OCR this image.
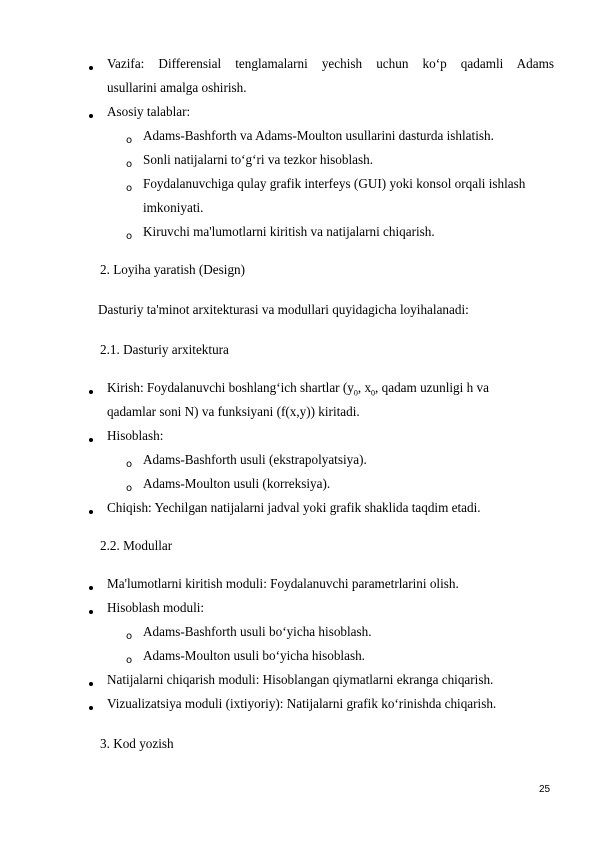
Vazifa: Differensial tenglamalarni yechish uchun ko‘p qadamli Adams
usullarini amalga oshirish.
Asosiy talablar:
o Adams-Bashforth va Adams-Moulton usullarini dasturda ishlatish.
o Sonli natijalarni to‘g‘ri va tezkor hisoblash.
o Foydalanuvchiga qulay grafik interfeys (GUI) yoki konsol orqali ishlash
imkoniyati.
o Kiruvchi ma'lumotlarni kiritish va natijalarni chiqarish.
2. Loyiha yaratish (Design)
Dasturiy ta'minot arxitekturasi va modullari quyidagicha loyihalanadi:
2.1. Dasturiy arxitektura
Kirish: Foydalanuvchi boshlang‘ich shartlar ($y_0$, $x_0$, qadam uzunligi h va
qadamlar soni N) va funksiyani (f(x,y)) kiritadi.
Hisoblash:
o Adams-Bashforth usuli (ekstrapolyatsiya).
o Adams-Moulton usuli (korreksiya).
Chiqish: Yechilgan natijalarni jadval yoki grafik shaklida taqdim etadi.
2.2. Modullar
Ma'lumotlarni kiritish moduli: Foydalanuvchi parametrlarini olish.
Hisoblash moduli:
o Adams-Bashforth usuli bo‘yicha hisoblash.
o Adams-Moulton usuli bo‘yicha hisoblash.
Natijalarni chiqarish moduli: Hisoblangan qiymatlarni ekranga chiqarish.
Vizualizatsiya moduli (ixtiyoriy): Natijalarni grafik ko‘rinishda chiqarish.
3. Kod yozish
25
